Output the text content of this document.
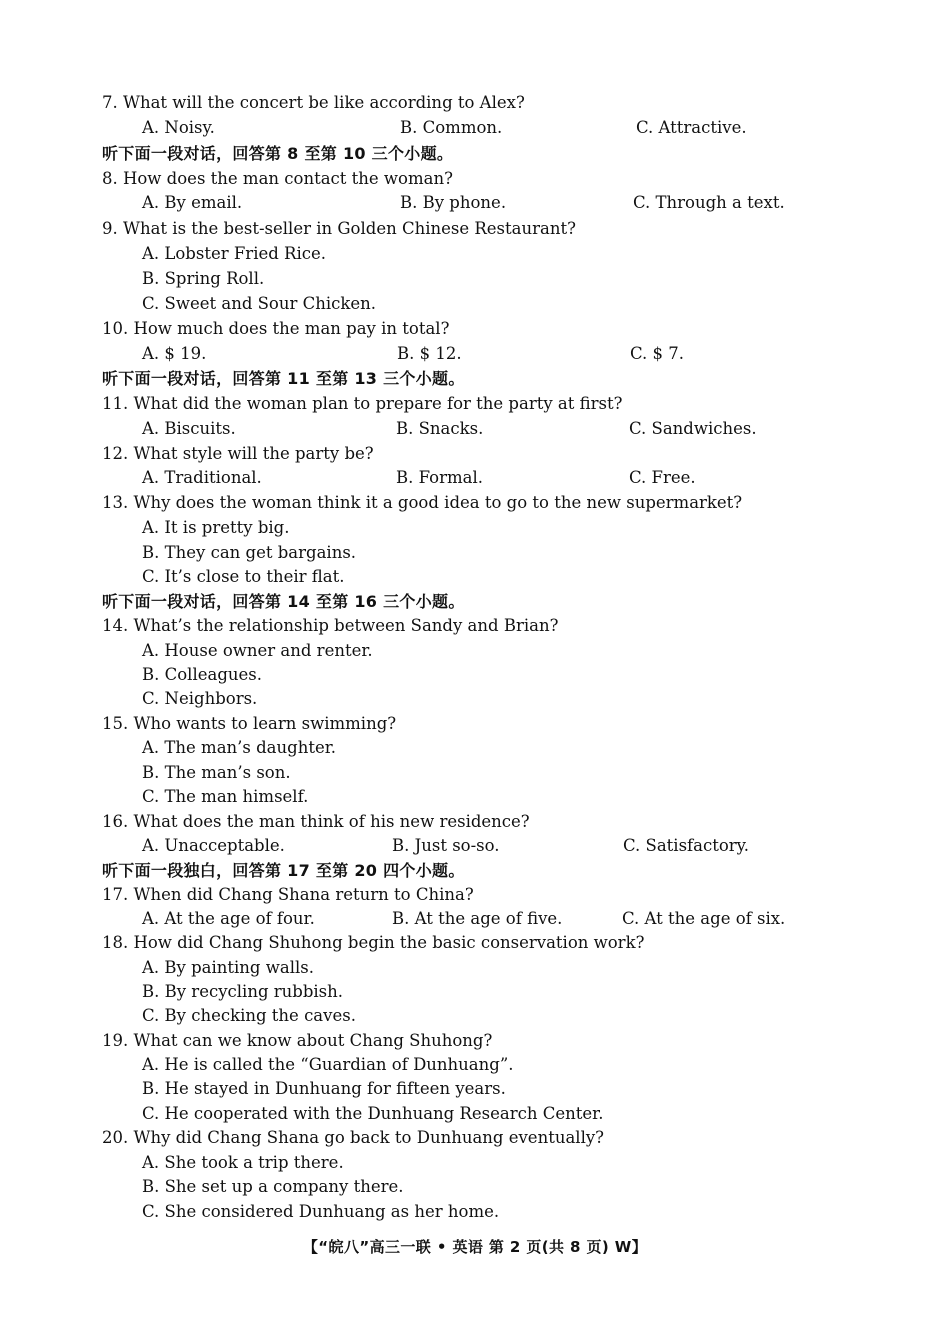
7. What will the concert be like according to Alex?
A. Noisy.	B. Common.	C. Attractive.
听下面一段对话，回答第 8 至第 10 三个小题。
8. How does the man contact the woman?
A. By email.	B. By phone.	C. Through a text.
9. What is the best-seller in Golden Chinese Restaurant?
A. Lobster Fried Rice.
B. Spring Roll.
C. Sweet and Sour Chicken.
10. How much does the man pay in total?
A. $ 19.	B. $ 12.	C. $ 7.
听下面一段对话，回答第 11 至第 13 三个小题。
11. What did the woman plan to prepare for the party at first?
A. Biscuits.	B. Snacks.	C. Sandwiches.
12. What style will the party be?
A. Traditional.	B. Formal.	C. Free.
13. Why does the woman think it a good idea to go to the new supermarket?
A. It is pretty big.
B. They can get bargains.
C. It’s close to their flat.
听下面一段对话，回答第 14 至第 16 三个小题。
14. What’s the relationship between Sandy and Brian?
A. House owner and renter.
B. Colleagues.
C. Neighbors.
15. Who wants to learn swimming?
A. The man’s daughter.
B. The man’s son.
C. The man himself.
16. What does the man think of his new residence?
A. Unacceptable.	B. Just so-so.	C. Satisfactory.
听下面一段独白，回答第 17 至第 20 四个小题。
17. When did Chang Shana return to China?
A. At the age of four.	B. At the age of five.	C. At the age of six.
18. How did Chang Shuhong begin the basic conservation work?
A. By painting walls.
B. By recycling rubbish.
C. By checking the caves.
19. What can we know about Chang Shuhong?
A. He is called the “Guardian of Dunhuang”.
B. He stayed in Dunhuang for fifteen years.
C. He cooperated with the Dunhuang Research Center.
20. Why did Chang Shana go back to Dunhuang eventually?
A. She took a trip there.
B. She set up a company there.
C. She considered Dunhuang as her home.
【“皖八”高三一联 • 英语 第 2 页(共 8 页) W】
